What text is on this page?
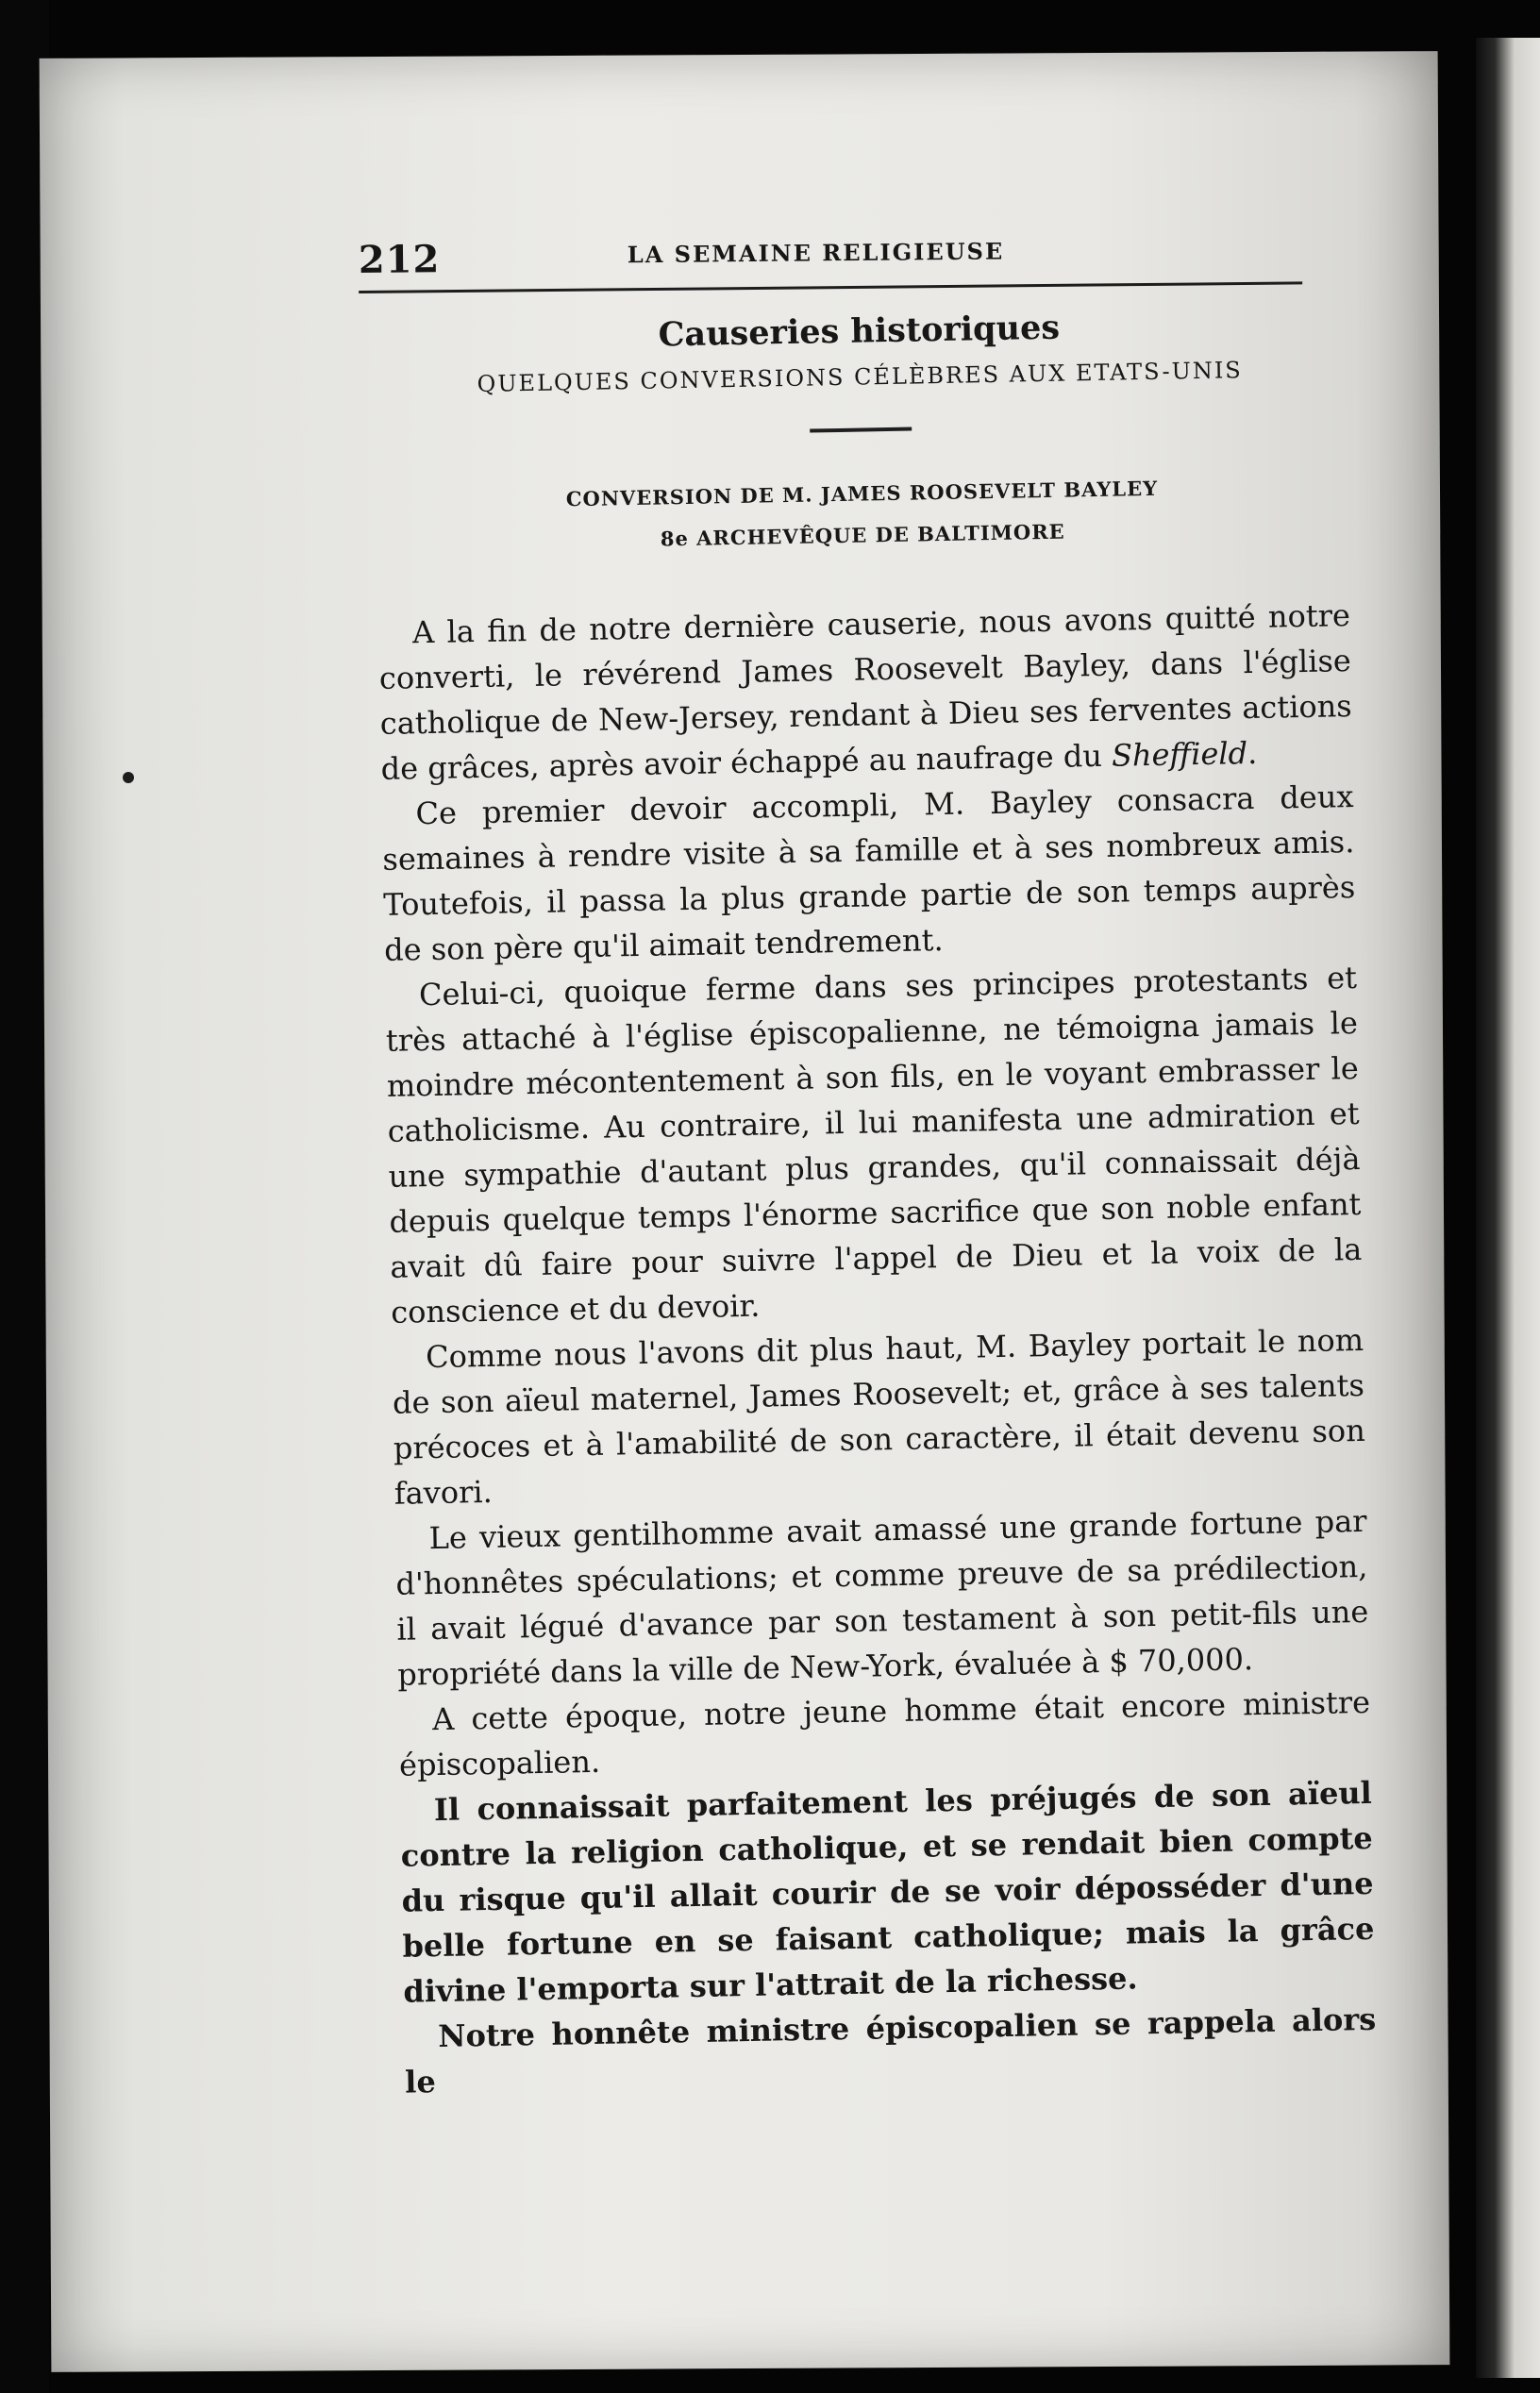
212	LA SEMAINE RELIGIEUSE
Causeries historiques
QUELQUES CONVERSIONS CÉLÈBRES AUX ETATS-UNIS
CONVERSION DE M. JAMES ROOSEVELT BAYLEY
8e ARCHEVÊQUE DE BALTIMORE

A la fin de notre dernière causerie, nous avons quitté notre converti, le révérend James Roosevelt Bayley, dans l'église catholique de New-Jersey, rendant à Dieu ses ferventes actions de grâces, après avoir échappé au naufrage du Sheffield.

Ce premier devoir accompli, M. Bayley consacra deux semaines à rendre visite à sa famille et à ses nombreux amis. Toutefois, il passa la plus grande partie de son temps auprès de son père qu'il aimait tendrement.

Celui-ci, quoique ferme dans ses principes protestants et très attaché à l'église épiscopalienne, ne témoigna jamais le moindre mécontentement à son fils, en le voyant embrasser le catholicisme. Au contraire, il lui manifesta une admiration et une sympathie d'autant plus grandes, qu'il connaissait déjà depuis quelque temps l'énorme sacrifice que son noble enfant avait dû faire pour suivre l'appel de Dieu et la voix de la conscience et du devoir.

Comme nous l'avons dit plus haut, M. Bayley portait le nom de son aïeul maternel, James Roosevelt; et, grâce à ses talents précoces et à l'amabilité de son caractère, il était devenu son favori.

Le vieux gentilhomme avait amassé une grande fortune par d'honnêtes spéculations; et comme preuve de sa prédilection, il avait légué d'avance par son testament à son petit-fils une propriété dans la ville de New-York, évaluée à $ 70,000.

A cette époque, notre jeune homme était encore ministre épiscopalien.

Il connaissait parfaitement les préjugés de son aïeul contre la religion catholique, et se rendait bien compte du risque qu'il allait courir de se voir déposséder d'une belle fortune en se faisant catholique; mais la grâce divine l'emporta sur l'attrait de la richesse.

Notre honnête ministre épiscopalien se rappela alors le
